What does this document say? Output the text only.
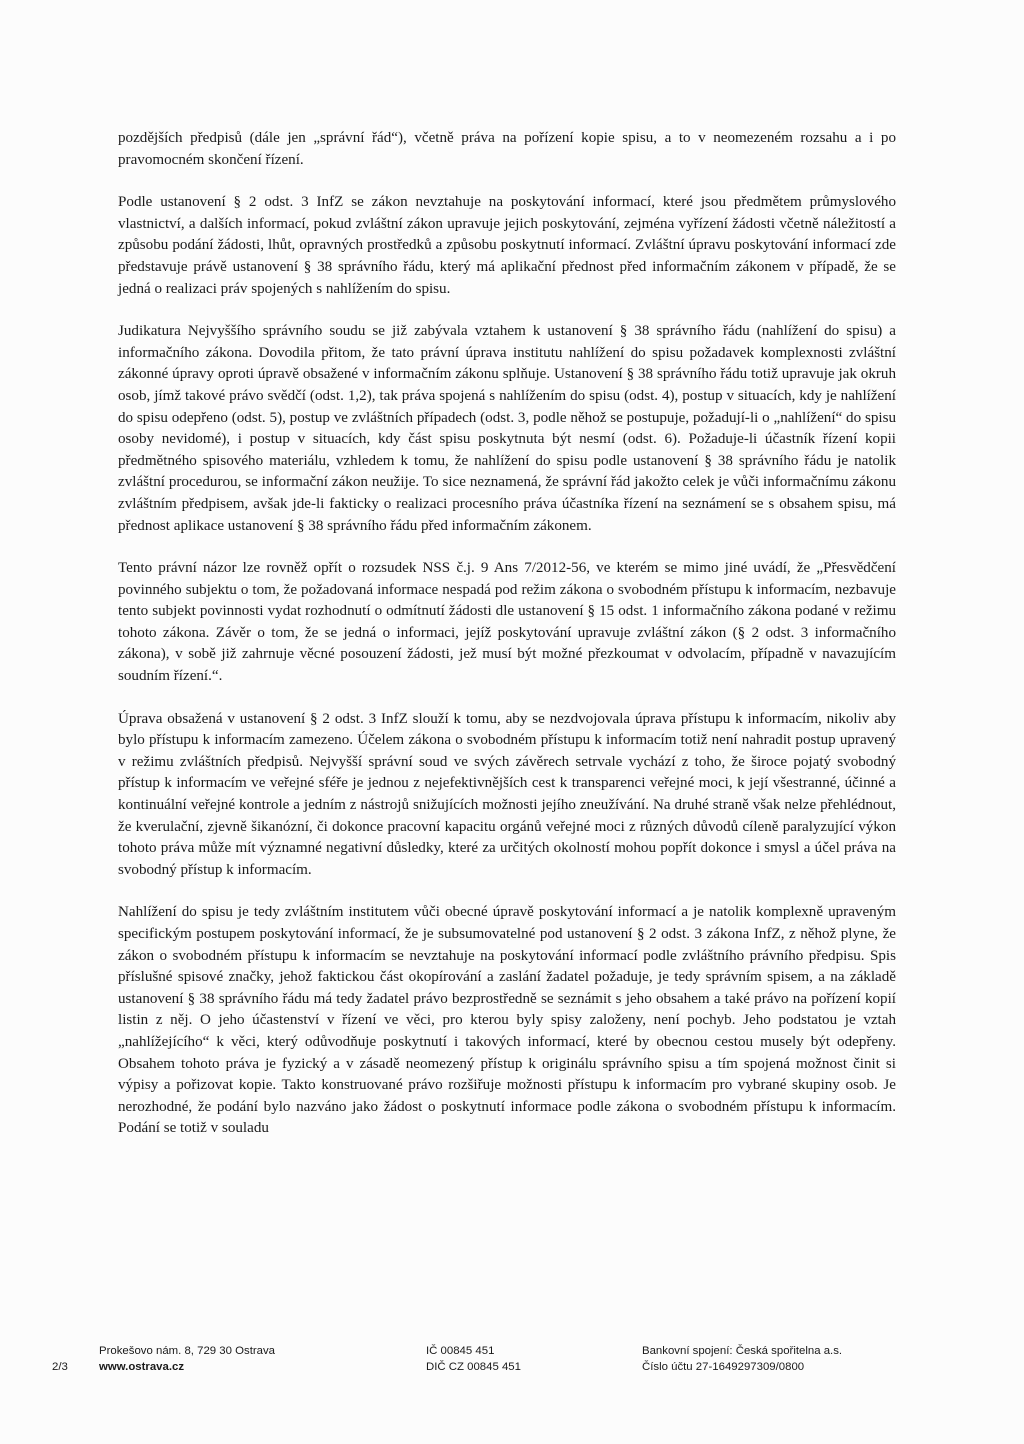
pozdějších předpisů (dále jen „správní řád“), včetně práva na pořízení kopie spisu, a to v neomezeném rozsahu a i po pravomocném skončení řízení.

Podle ustanovení § 2 odst. 3 InfZ se zákon nevztahuje na poskytování informací, které jsou předmětem průmyslového vlastnictví, a dalších informací, pokud zvláštní zákon upravuje jejich poskytování, zejména vyřízení žádosti včetně náležitostí a způsobu podání žádosti, lhůt, opravných prostředků a způsobu poskytnutí informací. Zvláštní úpravu poskytování informací zde představuje právě ustanovení § 38 správního řádu, který má aplikační přednost před informačním zákonem v případě, že se jedná o realizaci práv spojených s nahlížením do spisu.

Judikatura Nejvyššího správního soudu se již zabývala vztahem k ustanovení § 38 správního řádu (nahlížení do spisu) a informačního zákona. Dovodila přitom, že tato právní úprava institutu nahlížení do spisu požadavek komplexnosti zvláštní zákonné úpravy oproti úpravě obsažené v informačním zákonu splňuje. Ustanovení § 38 správního řádu totiž upravuje jak okruh osob, jímž takové právo svědčí (odst. 1,2), tak práva spojená s nahlížením do spisu (odst. 4), postup v situacích, kdy je nahlížení do spisu odepřeno (odst. 5), postup ve zvláštních případech (odst. 3, podle něhož se postupuje, požadují-li o „nahlížení“ do spisu osoby nevidomé), i postup v situacích, kdy část spisu poskytnuta být nesmí (odst. 6). Požaduje-li účastník řízení kopii předmětného spisového materiálu, vzhledem k tomu, že nahlížení do spisu podle ustanovení § 38 správního řádu je natolik zvláštní procedurou, se informační zákon neužije. To sice neznamená, že správní řád jakožto celek je vůči informačnímu zákonu zvláštním předpisem, avšak jde-li fakticky o realizaci procesního práva účastníka řízení na seznámení se s obsahem spisu, má přednost aplikace ustanovení § 38 správního řádu před informačním zákonem.

Tento právní názor lze rovněž opřít o rozsudek NSS č.j. 9 Ans 7/2012-56, ve kterém se mimo jiné uvádí, že „Přesvědčení povinného subjektu o tom, že požadovaná informace nespadá pod režim zákona o svobodném přístupu k informacím, nezbavuje tento subjekt povinnosti vydat rozhodnutí o odmítnutí žádosti dle ustanovení § 15 odst. 1 informačního zákona podané v režimu tohoto zákona. Závěr o tom, že se jedná o informaci, jejíž poskytování upravuje zvláštní zákon (§ 2 odst. 3 informačního zákona), v sobě již zahrnuje věcné posouzení žádosti, jež musí být možné přezkoumat v odvolacím, případně v navazujícím soudním řízení.“.

Úprava obsažená v ustanovení § 2 odst. 3 InfZ slouží k tomu, aby se nezdvojovala úprava přístupu k informacím, nikoliv aby bylo přístupu k informacím zamezeno. Účelem zákona o svobodném přístupu k informacím totiž není nahradit postup upravený v režimu zvláštních předpisů. Nejvyšší správní soud ve svých závěrech setrvale vychází z toho, že široce pojatý svobodný přístup k informacím ve veřejné sféře je jednou z nejefektivnějších cest k transparenci veřejné moci, k její všestranné, účinné a kontinuální veřejné kontrole a jedním z nástrojů snižujících možnosti jejího zneužívání. Na druhé straně však nelze přehlédnout, že kverulační, zjevně šikanózní, či dokonce pracovní kapacitu orgánů veřejné moci z různých důvodů cíleně paralyzující výkon tohoto práva může mít významné negativní důsledky, které za určitých okolností mohou popřít dokonce i smysl a účel práva na svobodný přístup k informacím.

Nahlížení do spisu je tedy zvláštním institutem vůči obecné úpravě poskytování informací a je natolik komplexně upraveným specifickým postupem poskytování informací, že je subsumovatelné pod ustanovení § 2 odst. 3 zákona InfZ, z něhož plyne, že zákon o svobodném přístupu k informacím se nevztahuje na poskytování informací podle zvláštního právního předpisu. Spis příslušné spisové značky, jehož faktickou část okopírování a zaslání žadatel požaduje, je tedy správním spisem, a na základě ustanovení § 38 správního řádu má tedy žadatel právo bezprostředně se seznámit s jeho obsahem a také právo na pořízení kopií listin z něj. O jeho účastenství v řízení ve věci, pro kterou byly spisy založeny, není pochyb. Jeho podstatou je vztah „nahlížejícího“ k věci, který odůvodňuje poskytnutí i takových informací, které by obecnou cestou musely být odepřeny. Obsahem tohoto práva je fyzický a v zásadě neomezený přístup k originálu správního spisu a tím spojená možnost činit si výpisy a pořizovat kopie. Takto konstruované právo rozšiřuje možnosti přístupu k informacím pro vybrané skupiny osob. Je nerozhodné, že podání bylo nazváno jako žádost o poskytnutí informace podle zákona o svobodném přístupu k informacím. Podání se totiž v souladu

2/3
Prokešovo nám. 8, 729 30 Ostrava
www.ostrava.cz
IČ 00845 451
DIČ CZ 00845 451
Bankovní spojení: Česká spořitelna a.s.
Číslo účtu 27-1649297309/0800
